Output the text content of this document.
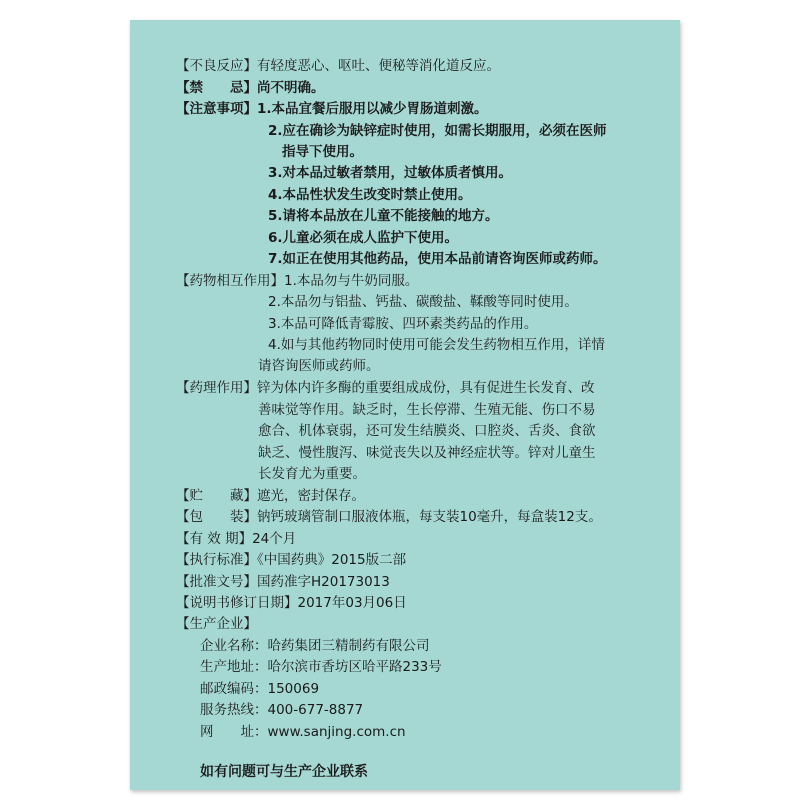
【不良反应】有轻度恶心、呕吐、便秘等消化道反应。
【禁　　忌】尚不明确。
【注意事项】1.本品宜餐后服用以减少胃肠道刺激。
2.应在确诊为缺锌症时使用，如需长期服用，必须在医师
指导下使用。
3.对本品过敏者禁用，过敏体质者慎用。
4.本品性状发生改变时禁止使用。
5.请将本品放在儿童不能接触的地方。
6.儿童必须在成人监护下使用。
7.如正在使用其他药品，使用本品前请咨询医师或药师。
【药物相互作用】1.本品勿与牛奶同服。
2.本品勿与铝盐、钙盐、碳酸盐、鞣酸等同时使用。
3.本品可降低青霉胺、四环素类药品的作用。
4.如与其他药物同时使用可能会发生药物相互作用，详情
请咨询医师或药师。
【药理作用】锌为体内许多酶的重要组成成份，具有促进生长发育、改
善味觉等作用。缺乏时，生长停滞、生殖无能、伤口不易
愈合、机体衰弱，还可发生结膜炎、口腔炎、舌炎、食欲
缺乏、慢性腹泻、味觉丧失以及神经症状等。锌对儿童生
长发育尤为重要。
【贮　　藏】遮光，密封保存。
【包　　装】钠钙玻璃管制口服液体瓶，每支装10毫升，每盒装12支。
【有 效 期】24个月
【执行标准】《中国药典》2015版二部
【批准文号】国药准字H20173013
【说明书修订日期】2017年03月06日
【生产企业】
企业名称：哈药集团三精制药有限公司
生产地址：哈尔滨市香坊区哈平路233号
邮政编码：150069
服务热线：400-677-8877
网　　址：www.sanjing.com.cn
如有问题可与生产企业联系
